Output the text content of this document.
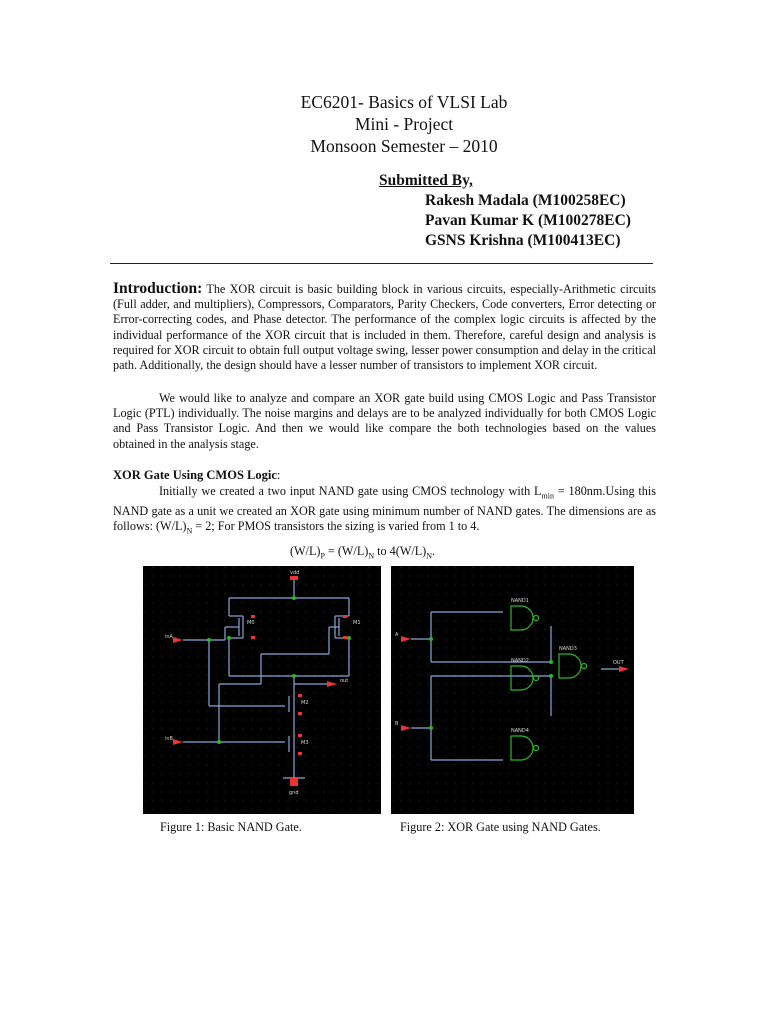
EC6201- Basics of VLSI Lab
Mini - Project
Monsoon Semester – 2010
Submitted By,
Rakesh Madala (M100258EC)
Pavan Kumar K (M100278EC)
GSNS Krishna (M100413EC)
Introduction: The XOR circuit is basic building block in various circuits, especially-Arithmetic circuits (Full adder, and multipliers), Compressors, Comparators, Parity Checkers, Code converters, Error detecting or Error-correcting codes, and Phase detector. The performance of the complex logic circuits is affected by the individual performance of the XOR circuit that is included in them. Therefore, careful design and analysis is required for XOR circuit to obtain full output voltage swing, lesser power consumption and delay in the critical path. Additionally, the design should have a lesser number of transistors to implement XOR circuit.
We would like to analyze and compare an XOR gate build using CMOS Logic and Pass Transistor Logic (PTL) individually. The noise margins and delays are to be analyzed individually for both CMOS Logic and Pass Transistor Logic. And then we would like compare the both technologies based on the values obtained in the analysis stage.
XOR Gate Using CMOS Logic:
Initially we created a two input NAND gate using CMOS technology with $L_{min} = 180nm.Using$ this NAND gate as a unit we created an XOR gate using minimum number of NAND gates. The dimensions are as follows: $(W/L)_N = 2$; For PMOS transistors the sizing is varied from 1 to 4.
$(W/L)_P = (W/L)_N$ to $4(W/L)_N$.
vdd
inA
inB
out
gnd
M0	M1
M2
M3
A
B
OUT
NAND1
NAND2
NAND3
NAND4
Figure 1: Basic NAND Gate.	Figure 2: XOR Gate using NAND Gates.
